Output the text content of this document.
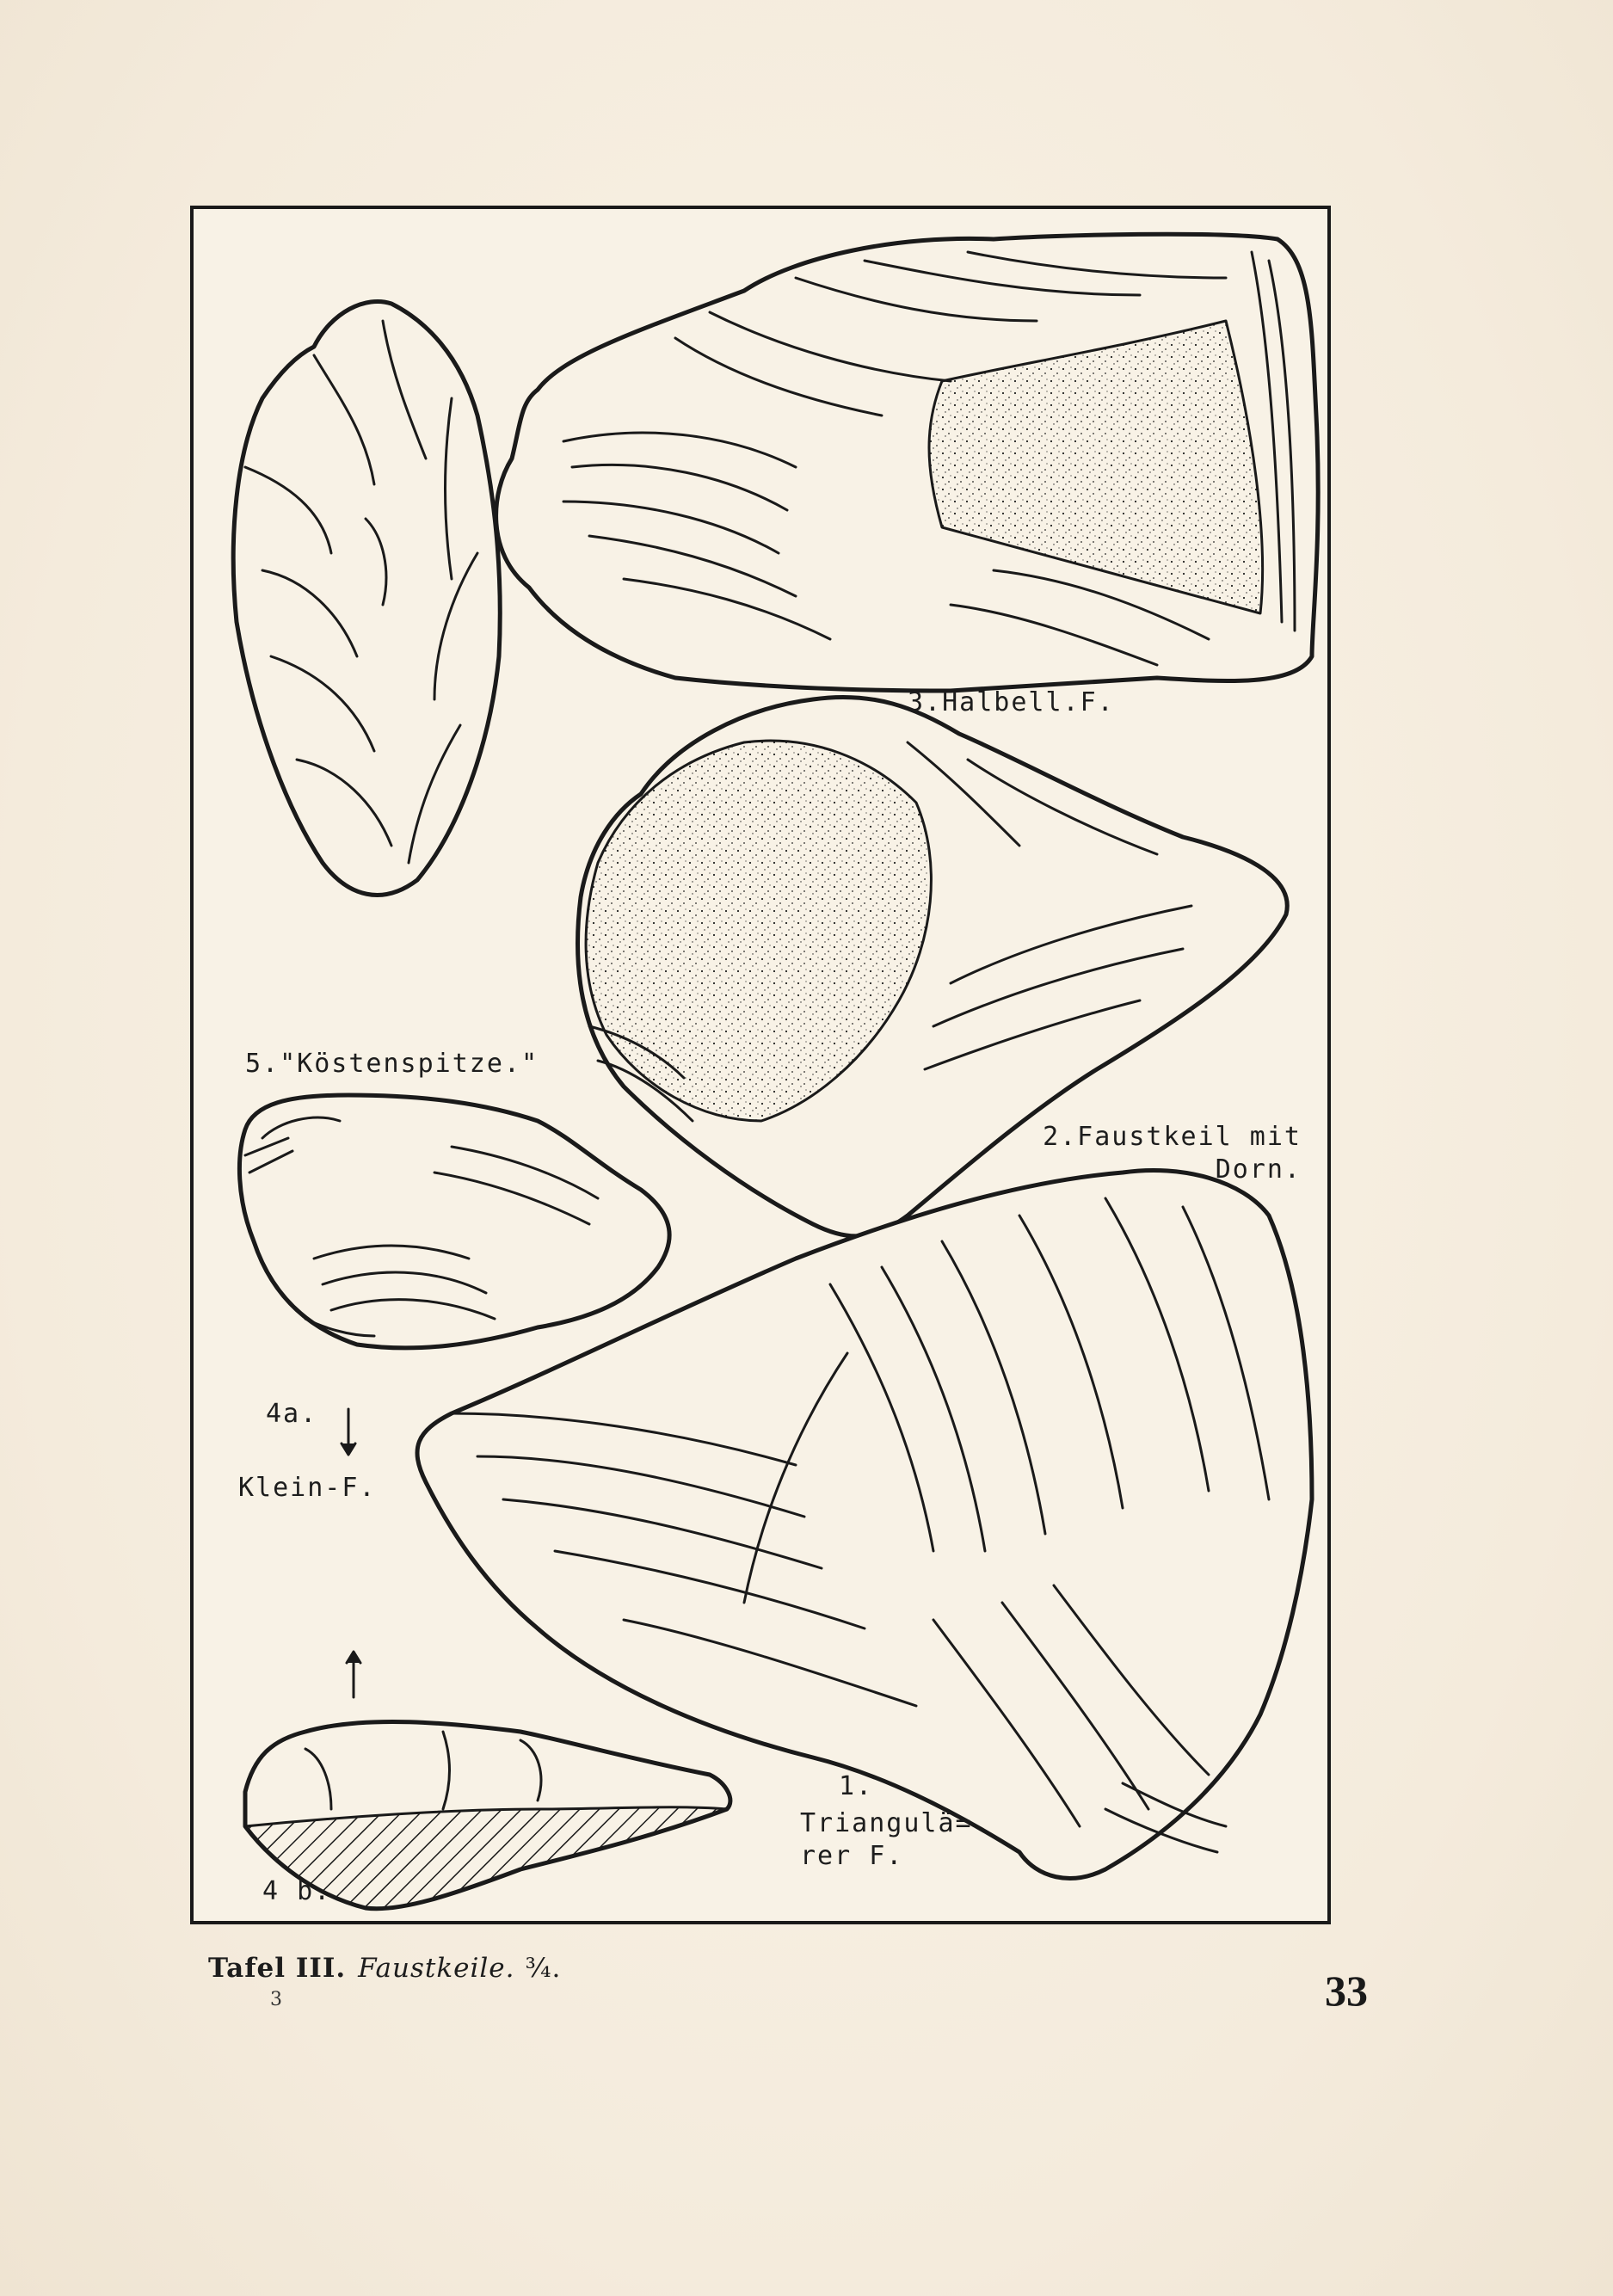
3.Halbell.F.
5."Köstenspitze."
2.Faustkeil mit
Dorn.
4a.
Klein-F.
1.
Triangulä=
rer F.
4 b.
Tafel III. Faustkeile. ¾.
3	33
